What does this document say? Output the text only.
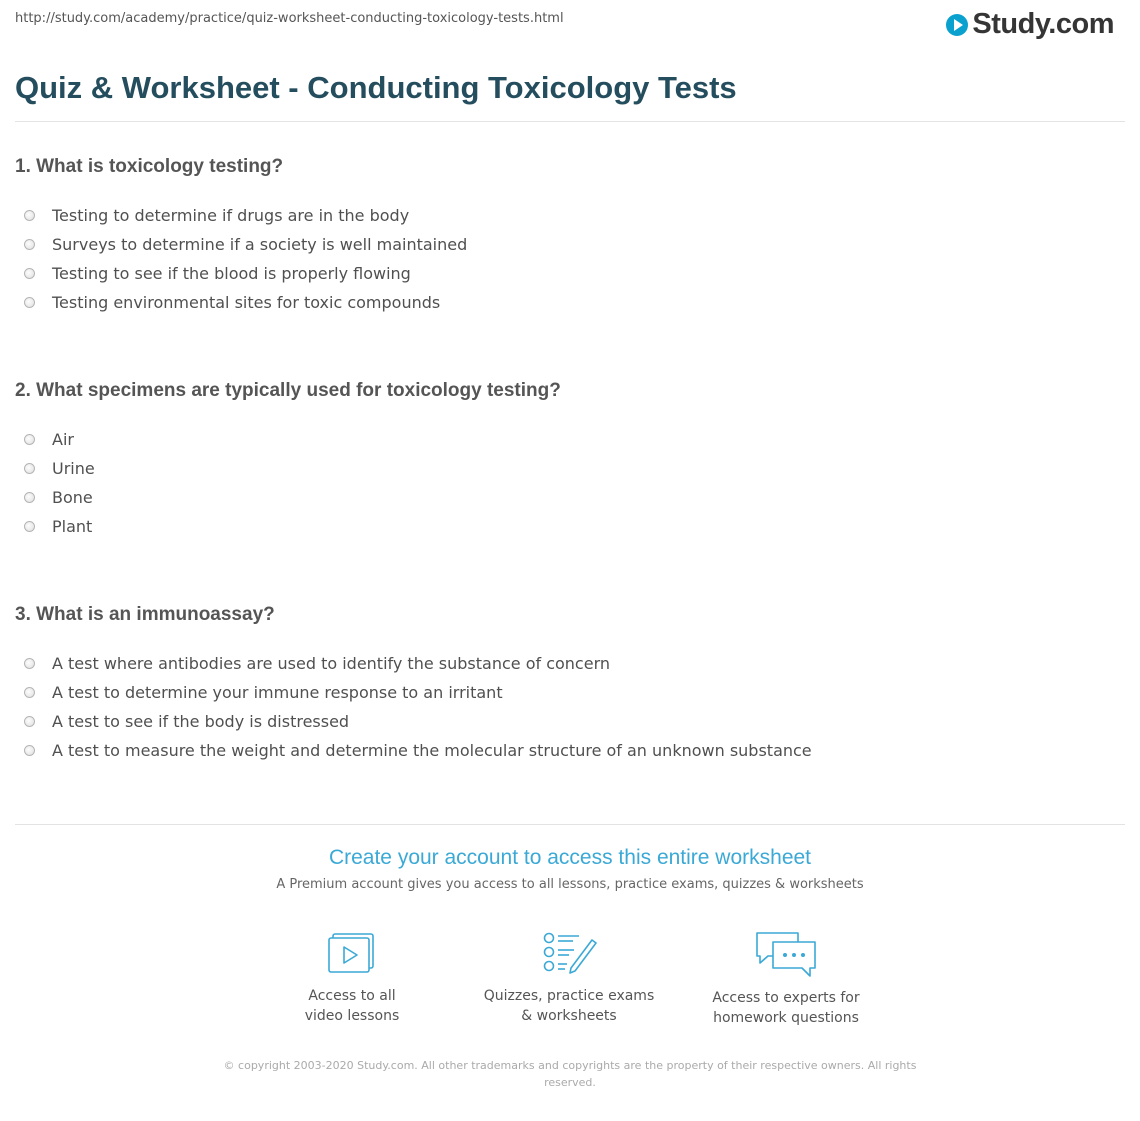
http://study.com/academy/practice/quiz-worksheet-conducting-toxicology-tests.html	Study.com
Quiz & Worksheet - Conducting Toxicology Tests
1. What is toxicology testing?
Testing to determine if drugs are in the body
Surveys to determine if a society is well maintained
Testing to see if the blood is properly flowing
Testing environmental sites for toxic compounds
2. What specimens are typically used for toxicology testing?
Air
Urine
Bone
Plant
3. What is an immunoassay?
A test where antibodies are used to identify the substance of concern
A test to determine your immune response to an irritant
A test to see if the body is distressed
A test to measure the weight and determine the molecular structure of an unknown substance
Create your account to access this entire worksheet
A Premium account gives you access to all lessons, practice exams, quizzes & worksheets
Access to all
video lessons
Quizzes, practice exams
& worksheets
Access to experts for
homework questions
© copyright 2003-2020 Study.com. All other trademarks and copyrights are the property of their respective owners. All rights reserved.
